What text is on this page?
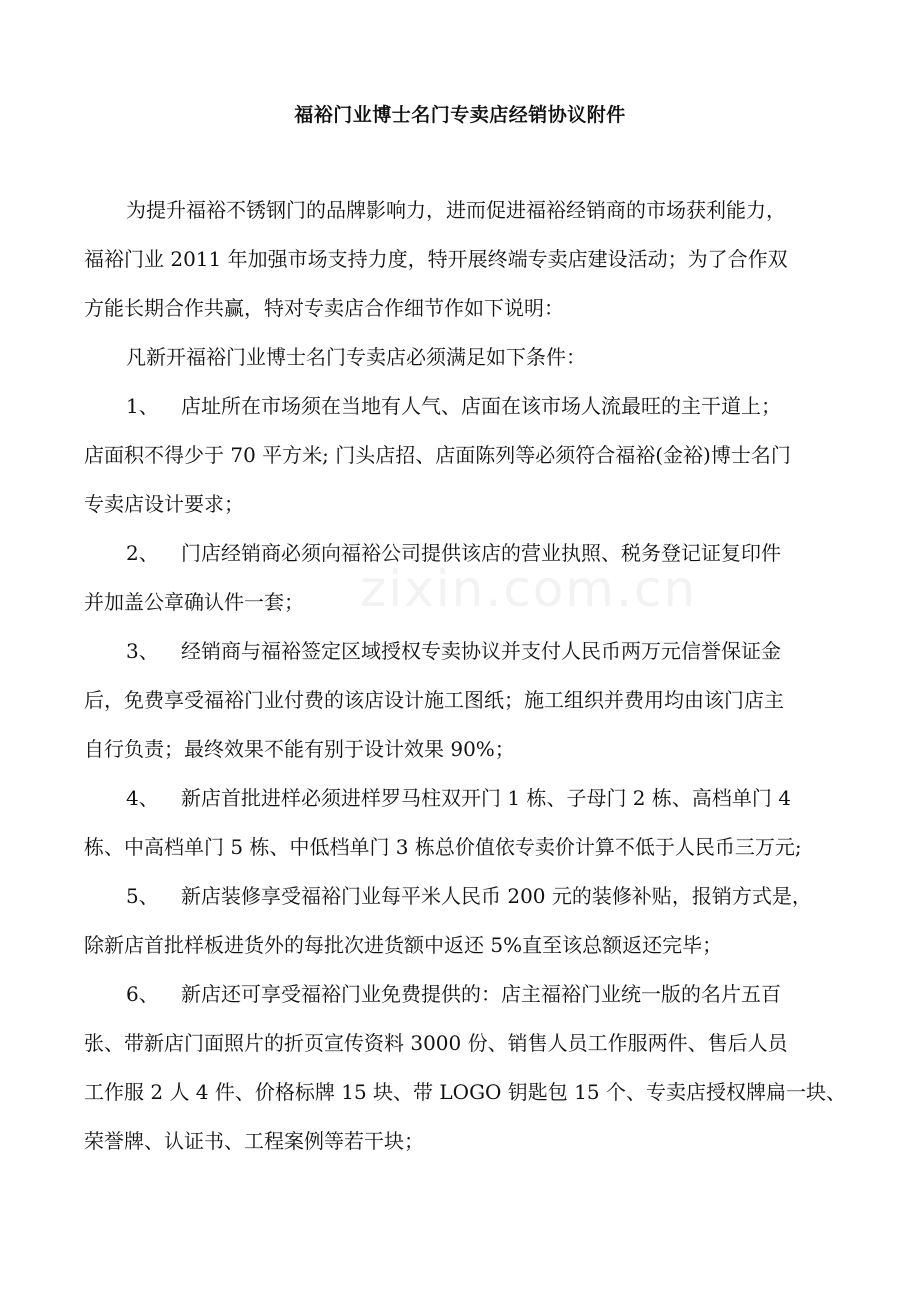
zixin.com.cn
福裕门业博士名门专卖店经销协议附件
为提升福裕不锈钢门的品牌影响力，进而促进福裕经销商的市场获利能力，
福裕门业 2011 年加强市场支持力度，特开展终端专卖店建设活动；为了合作双
方能长期合作共赢，特对专卖店合作细节作如下说明：
凡新开福裕门业博士名门专卖店必须满足如下条件：
1、 店址所在市场须在当地有人气、店面在该市场人流最旺的主干道上；
店面积不得少于 70 平方米; 门头店招、店面陈列等必须符合福裕(金裕)博士名门
专卖店设计要求；
2、 门店经销商必须向福裕公司提供该店的营业执照、税务登记证复印件
并加盖公章确认件一套；
3、 经销商与福裕签定区域授权专卖协议并支付人民币两万元信誉保证金
后，免费享受福裕门业付费的该店设计施工图纸；施工组织并费用均由该门店主
自行负责；最终效果不能有别于设计效果 90%；
4、 新店首批进样必须进样罗马柱双开门 1 栋、子母门 2 栋、高档单门 4
栋、中高档单门 5 栋、中低档单门 3 栋总价值依专卖价计算不低于人民币三万元;
5、 新店装修享受福裕门业每平米人民币 200 元的装修补贴，报销方式是，
除新店首批样板进货外的每批次进货额中返还 5%直至该总额返还完毕；
6、 新店还可享受福裕门业免费提供的：店主福裕门业统一版的名片五百
张、带新店门面照片的折页宣传资料 3000 份、销售人员工作服两件、售后人员
工作服 2 人 4 件、价格标牌 15 块、带 LOGO 钥匙包 15 个、专卖店授权牌扁一块、
荣誉牌、认证书、工程案例等若干块；
